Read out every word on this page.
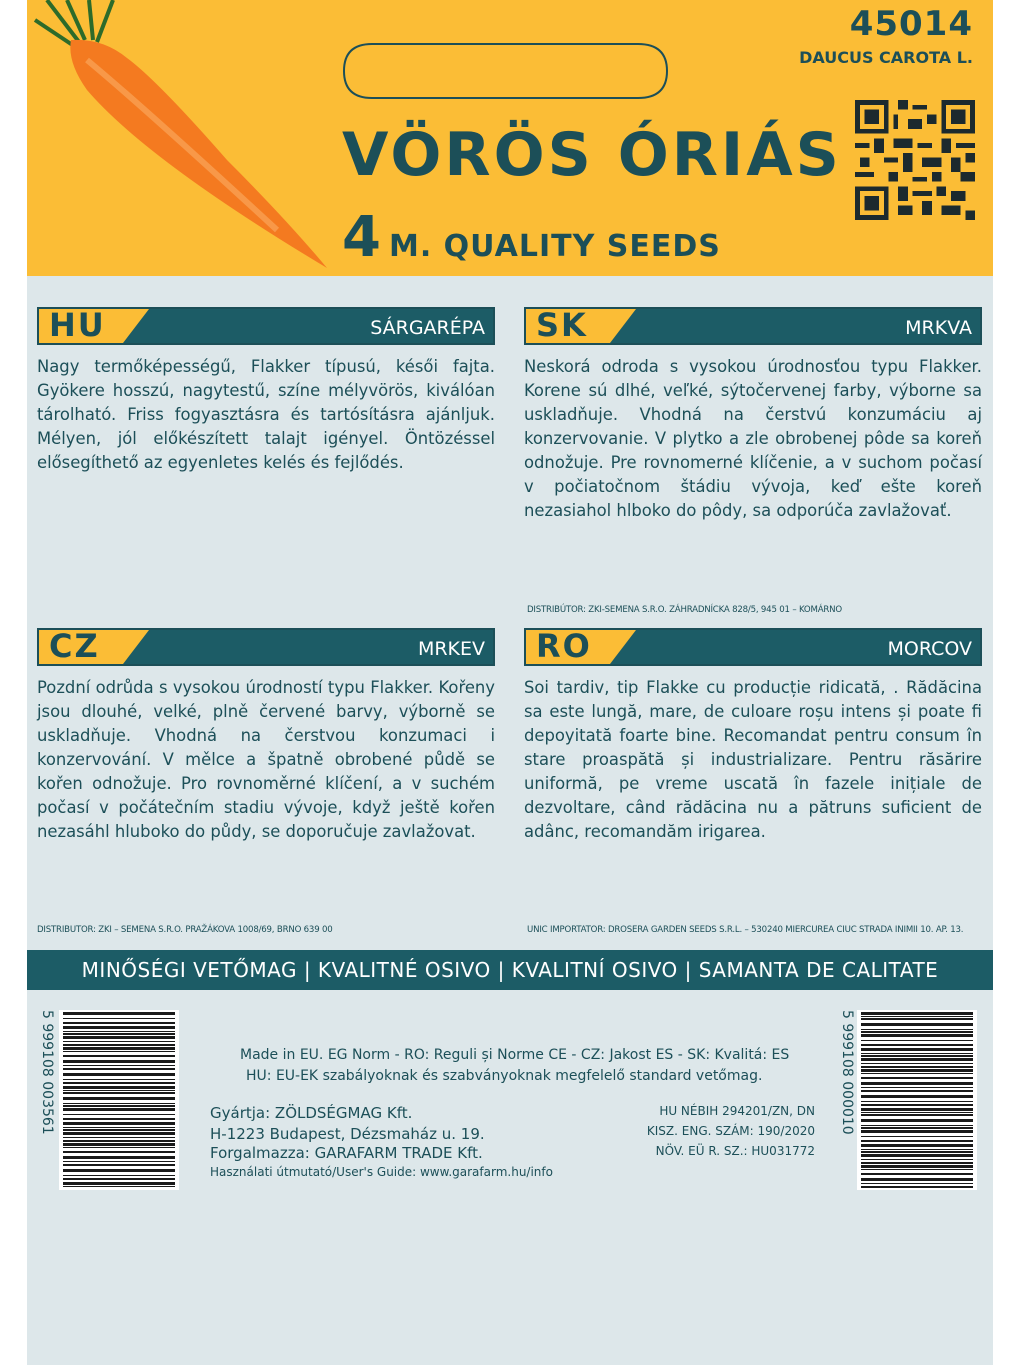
45014
DAUCUS CAROTA L.
VÖRÖS ÓRIÁS
4 M. QUALITY SEEDS
HU	SÁRGARÉPA
Nagy termőképességű, Flakker típusú, késői fajta. Gyökere hosszú, nagytestű, színe mélyvörös, kiválóan tárolható. Friss fogyasztásra és tartósításra ajánljuk. Mélyen, jól előkészített talajt igényel. Öntözéssel elősegíthető az egyenletes kelés és fejlődés.
SK	MRKVA
Neskorá odroda s vysokou úrodnosťou typu Flakker. Korene sú dlhé, veľké, sýtočervenej farby, výborne sa uskladňuje. Vhodná na čerstvú konzumáciu aj konzervovanie. V plytko a zle obrobenej pôde sa koreň odnožuje. Pre rovnomerné klíčenie, a v suchom počasí v počiatočnom štádiu vývoja, keď ešte koreň nezasiahol hlboko do pôdy, sa odporúča zavlažovať.
DISTRIBÚTOR: ZKI-SEMENA S.R.O. ZÁHRADNÍCKA 828/5, 945 01 – KOMÁRNO
CZ	MRKEV
Pozdní odrůda s vysokou úrodností typu Flakker. Kořeny jsou dlouhé, velké, plně červené barvy, výborně se uskladňuje. Vhodná na čerstvou konzumaci i konzervování. V mělce a špatně obrobené půdě se kořen odnožuje. Pro rovnoměrné klíčení, a v suchém počasí v počátečním stadiu vývoje, když ještě kořen nezasáhl hluboko do půdy, se doporučuje zavlažovat.
RO	MORCOV
Soi tardiv, tip Flakke cu producție ridicată, . Rădăcina sa este lungă, mare, de culoare roșu intens și poate fi depoyitată foarte bine. Recomandat pentru consum în stare proaspătă și industrializare. Pentru răsărire uniformă, pe vreme uscată în fazele inițiale de dezvoltare, când rădăcina nu a pătruns suficient de adânc, recomandăm irigarea.
DISTRIBUTOR: ZKI – SEMENA S.R.O. PRAŽÁKOVA 1008/69, BRNO 639 00	UNIC IMPORTATOR: DROSERA GARDEN SEEDS S.R.L. – 530240 MIERCUREA CIUC STRADA INIMII 10. AP. 13.
MINŐSÉGI VETŐMAG | KVALITNÉ OSIVO | KVALITNÍ OSIVO | SAMANTA DE CALITATE
5 999108 003561	5 999108 000010
Made in EU. EG Norm - RO: Reguli și Norme CE - CZ: Jakost ES - SK: Kvalitá: ES
HU: EU-EK szabályoknak és szabványoknak megfelelő standard vetőmag.
Gyártja: ZÖLDSÉGMAG Kft.
H-1223 Budapest, Dézsmaház u. 19.
Forgalmazza: GARAFARM TRADE Kft.
Használati útmutató/User's Guide: www.garafarm.hu/info
HU NÉBIH 294201/ZN, DN
KISZ. ENG. SZÁM: 190/2020
NÖV. EÜ R. SZ.: HU031772
